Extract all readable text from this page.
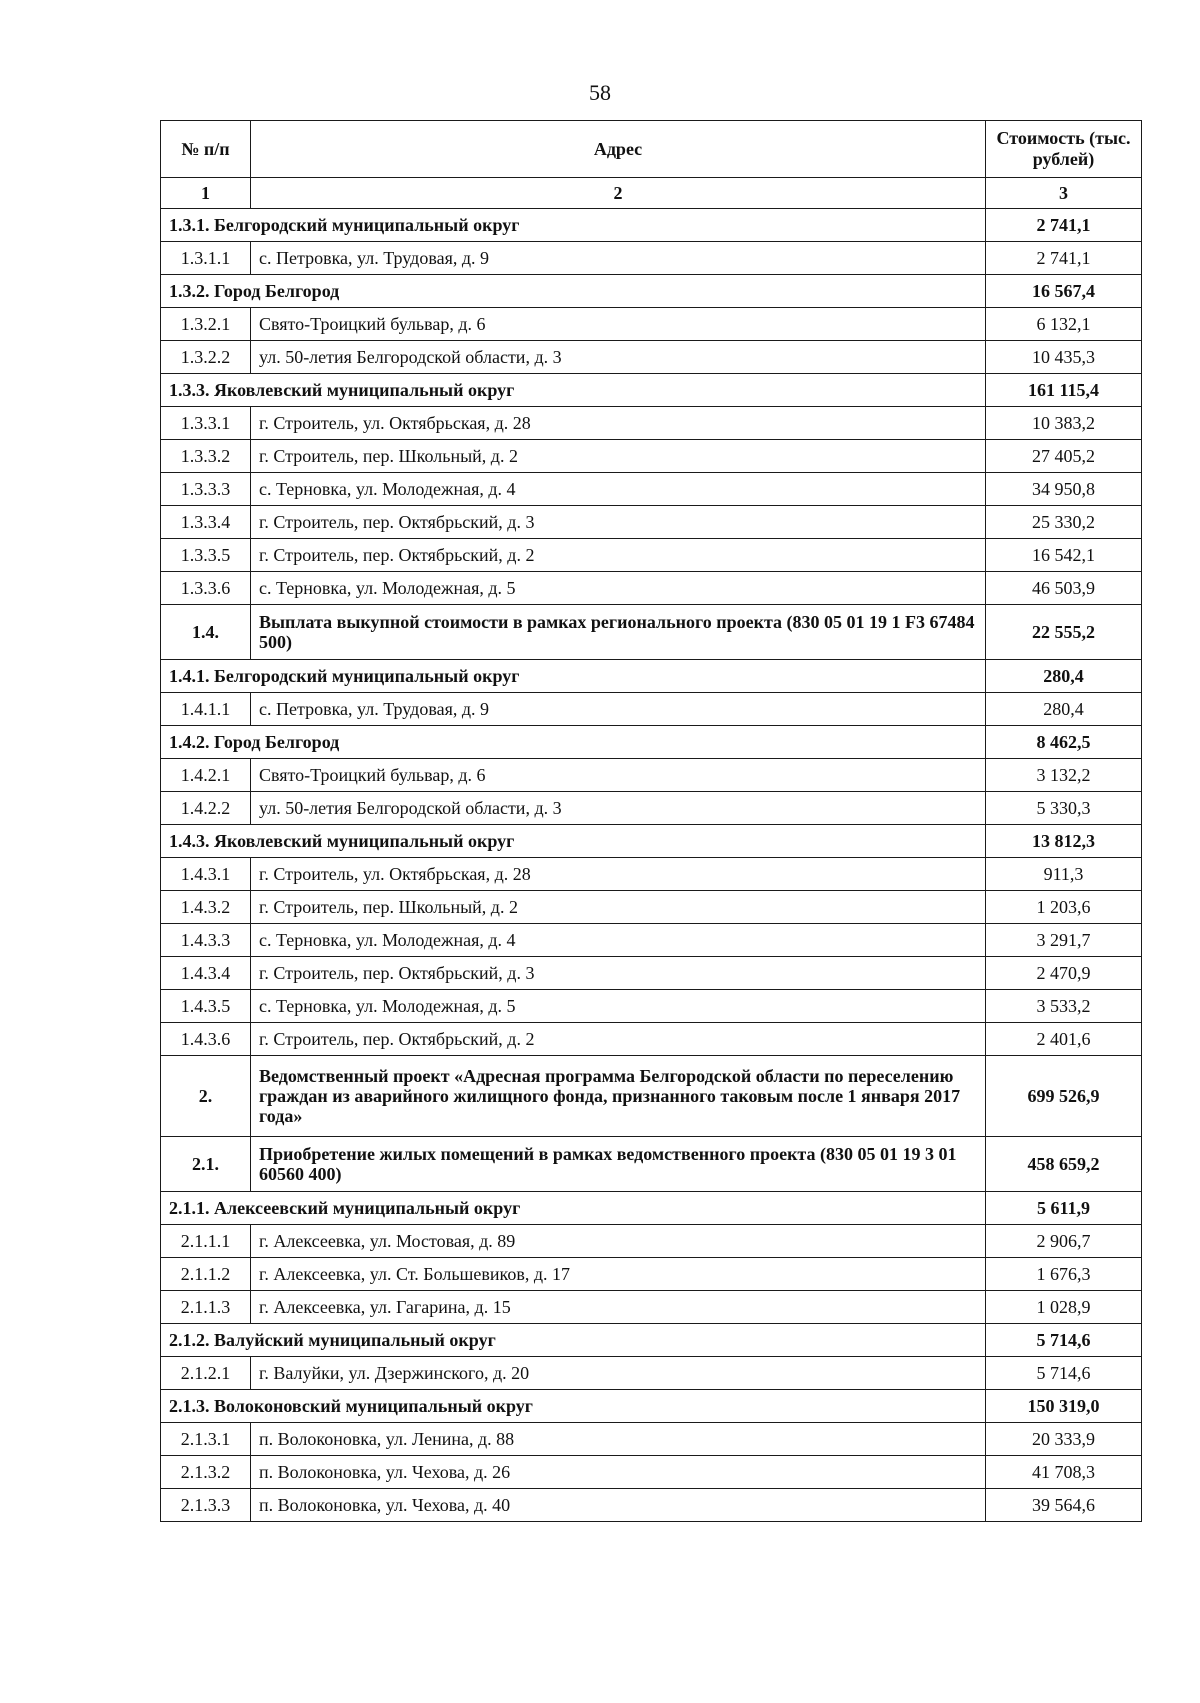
58
№ п/п	Адрес	Стоимость (тыс. рублей)
1	2	3
1.3.1. Белгородский муниципальный округ		2 741,1
1.3.1.1	с. Петровка, ул. Трудовая, д. 9	2 741,1
1.3.2. Город Белгород		16 567,4
1.3.2.1	Свято-Троицкий бульвар, д. 6	6 132,1
1.3.2.2	ул. 50-летия Белгородской области, д. 3	10 435,3
1.3.3. Яковлевский муниципальный округ		161 115,4
1.3.3.1	г. Строитель, ул. Октябрьская, д. 28	10 383,2
1.3.3.2	г. Строитель, пер. Школьный, д. 2	27 405,2
1.3.3.3	с. Терновка, ул. Молодежная, д. 4	34 950,8
1.3.3.4	г. Строитель, пер. Октябрьский, д. 3	25 330,2
1.3.3.5	г. Строитель, пер. Октябрьский, д. 2	16 542,1
1.3.3.6	с. Терновка, ул. Молодежная, д. 5	46 503,9
1.4.	Выплата выкупной стоимости в рамках регионального проекта (830 05 01 19 1 F3 67484 500)	22 555,2
1.4.1. Белгородский муниципальный округ		280,4
1.4.1.1	с. Петровка, ул. Трудовая, д. 9	280,4
1.4.2. Город Белгород		8 462,5
1.4.2.1	Свято-Троицкий бульвар, д. 6	3 132,2
1.4.2.2	ул. 50-летия Белгородской области, д. 3	5 330,3
1.4.3. Яковлевский муниципальный округ		13 812,3
1.4.3.1	г. Строитель, ул. Октябрьская, д. 28	911,3
1.4.3.2	г. Строитель, пер. Школьный, д. 2	1 203,6
1.4.3.3	с. Терновка, ул. Молодежная, д. 4	3 291,7
1.4.3.4	г. Строитель, пер. Октябрьский, д. 3	2 470,9
1.4.3.5	с. Терновка, ул. Молодежная, д. 5	3 533,2
1.4.3.6	г. Строитель, пер. Октябрьский, д. 2	2 401,6
2.	Ведомственный проект «Адресная программа Белгородской области по переселению граждан из аварийного жилищного фонда, признанного таковым после 1 января 2017 года»	699 526,9
2.1.	Приобретение жилых помещений в рамках ведомственного проекта (830 05 01 19 3 01 60560 400)	458 659,2
2.1.1. Алексеевский муниципальный округ		5 611,9
2.1.1.1	г. Алексеевка, ул. Мостовая, д. 89	2 906,7
2.1.1.2	г. Алексеевка, ул. Ст. Большевиков, д. 17	1 676,3
2.1.1.3	г. Алексеевка, ул. Гагарина, д. 15	1 028,9
2.1.2. Валуйский муниципальный округ		5 714,6
2.1.2.1	г. Валуйки, ул. Дзержинского, д. 20	5 714,6
2.1.3. Волоконовский муниципальный округ		150 319,0
2.1.3.1	п. Волоконовка, ул. Ленина, д. 88	20 333,9
2.1.3.2	п. Волоконовка, ул. Чехова, д. 26	41 708,3
2.1.3.3	п. Волоконовка, ул. Чехова, д. 40	39 564,6
